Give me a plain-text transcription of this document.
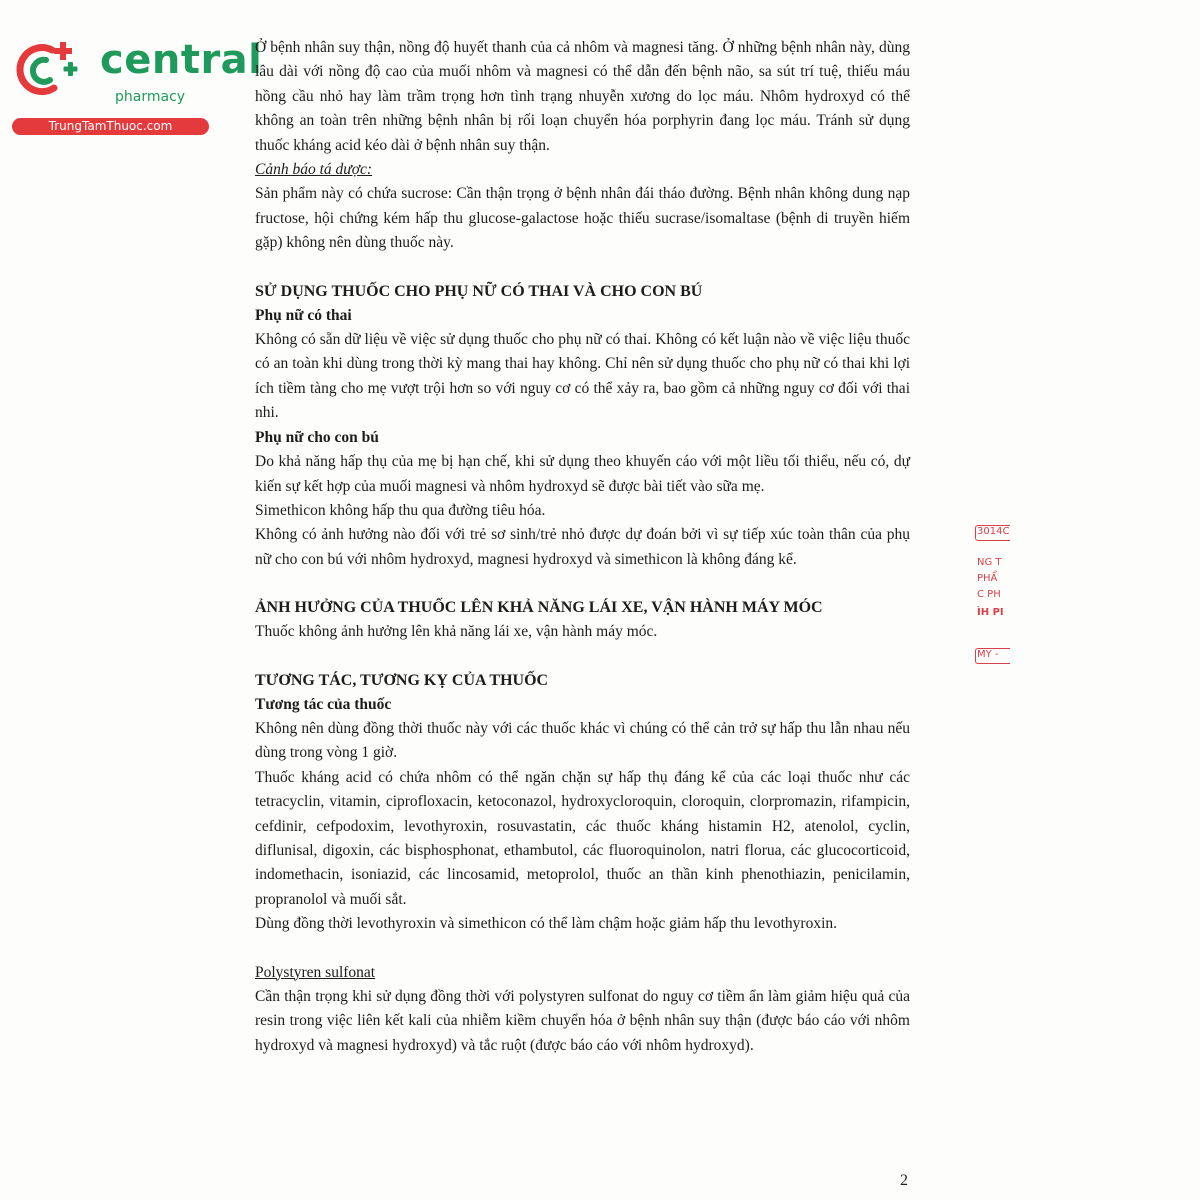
central
pharmacy
TrungTamThuoc.com

Ở bệnh nhân suy thận, nồng độ huyết thanh của cả nhôm và magnesi tăng. Ở những bệnh nhân này, dùng lâu dài với nồng độ cao của muối nhôm và magnesi có thể dẫn đến bệnh não, sa sút trí tuệ, thiếu máu hồng cầu nhỏ hay làm trầm trọng hơn tình trạng nhuyễn xương do lọc máu. Nhôm hydroxyd có thể không an toàn trên những bệnh nhân bị rối loạn chuyển hóa porphyrin đang lọc máu. Tránh sử dụng thuốc kháng acid kéo dài ở bệnh nhân suy thận.

Cảnh báo tá dược:

Sản phẩm này có chứa sucrose: Cần thận trọng ở bệnh nhân đái tháo đường. Bệnh nhân không dung nạp fructose, hội chứng kém hấp thu glucose-galactose hoặc thiếu sucrase/isomaltase (bệnh di truyền hiếm gặp) không nên dùng thuốc này.

SỬ DỤNG THUỐC CHO PHỤ NỮ CÓ THAI VÀ CHO CON BÚ

Phụ nữ có thai

Không có sẵn dữ liệu về việc sử dụng thuốc cho phụ nữ có thai. Không có kết luận nào về việc liệu thuốc có an toàn khi dùng trong thời kỳ mang thai hay không. Chỉ nên sử dụng thuốc cho phụ nữ có thai khi lợi ích tiềm tàng cho mẹ vượt trội hơn so với nguy cơ có thể xảy ra, bao gồm cả những nguy cơ đối với thai nhi.

Phụ nữ cho con bú

Do khả năng hấp thụ của mẹ bị hạn chế, khi sử dụng theo khuyến cáo với một liều tối thiểu, nếu có, dự kiến sự kết hợp của muối magnesi và nhôm hydroxyd sẽ được bài tiết vào sữa mẹ.

Simethicon không hấp thu qua đường tiêu hóa.

Không có ảnh hưởng nào đối với trẻ sơ sinh/trẻ nhỏ được dự đoán bởi vì sự tiếp xúc toàn thân của phụ nữ cho con bú với nhôm hydroxyd, magnesi hydroxyd và simethicon là không đáng kể.

ẢNH HƯỞNG CỦA THUỐC LÊN KHẢ NĂNG LÁI XE, VẬN HÀNH MÁY MÓC

Thuốc không ảnh hưởng lên khả năng lái xe, vận hành máy móc.

TƯƠNG TÁC, TƯƠNG KỴ CỦA THUỐC

Tương tác của thuốc

Không nên dùng đồng thời thuốc này với các thuốc khác vì chúng có thể cản trở sự hấp thu lẫn nhau nếu dùng trong vòng 1 giờ.

Thuốc kháng acid có chứa nhôm có thể ngăn chặn sự hấp thụ đáng kể của các loại thuốc như các tetracyclin, vitamin, ciprofloxacin, ketoconazol, hydroxycloroquin, cloroquin, clorpromazin, rifampicin, cefdinir, cefpodoxim, levothyroxin, rosuvastatin, các thuốc kháng histamin H2, atenolol, cyclin, diflunisal, digoxin, các bisphosphonat, ethambutol, các fluoroquinolon, natri florua, các glucocorticoid, indomethacin, isoniazid, các lincosamid, metoprolol, thuốc an thần kinh phenothiazin, penicilamin, propranolol và muối sắt.

Dùng đồng thời levothyroxin và simethicon có thể làm chậm hoặc giảm hấp thu levothyroxin.

Polystyren sulfonat

Cần thận trọng khi sử dụng đồng thời với polystyren sulfonat do nguy cơ tiềm ẩn làm giảm hiệu quả của resin trong việc liên kết kali của nhiễm kiềm chuyển hóa ở bệnh nhân suy thận (được báo cáo với nhôm hydroxyd và magnesi hydroxyd) và tắc ruột (được báo cáo với nhôm hydroxyd).

3014C
NG T
PHẨ
C PH
ÌH PI
MỸ -
2
